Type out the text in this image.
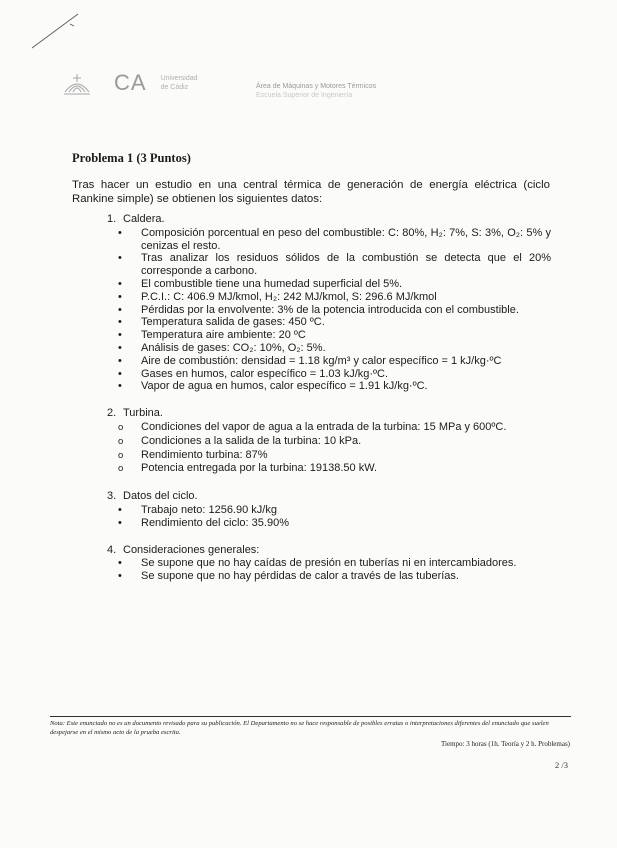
CA Universidad
de Cádiz	Área de Máquinas y Motores Térmicos
Escuela Superior de Ingeniería
Problema 1 (3 Puntos)
Tras hacer un estudio en una central térmica de generación de energía eléctrica (ciclo Rankine simple) se obtienen los siguientes datos:
1. Caldera.
•
Composición porcentual en peso del combustible: C: 80%, H₂: 7%, S: 3%, O₂: 5% y cenizas el resto.
•
Tras analizar los residuos sólidos de la combustión se detecta que el 20% corresponde a carbono.
•
El combustible tiene una humedad superficial del 5%.
•
P.C.I.: C: 406.9 MJ/kmol, H₂: 242 MJ/kmol, S: 296.6 MJ/kmol
•
Pérdidas por la envolvente: 3% de la potencia introducida con el combustible.
•
Temperatura salida de gases: 450 ºC.
•
Temperatura aire ambiente: 20 ºC
•
Análisis de gases: CO₂: 10%, O₂: 5%.
•
Aire de combustión: densidad = 1.18 kg/m³ y calor específico = 1 kJ/kg·ºC
•
Gases en humos, calor específico = 1.03 kJ/kg·ºC.
•
Vapor de agua en humos, calor específico = 1.91 kJ/kg·ºC.
2. Turbina.
o
Condiciones del vapor de agua a la entrada de la turbina: 15 MPa y 600ºC.
o
Condiciones a la salida de la turbina: 10 kPa.
o
Rendimiento turbina: 87%
o
Potencia entregada por la turbina: 19138.50 kW.
3. Datos del ciclo.
•
Trabajo neto: 1256.90 kJ/kg
•
Rendimiento del ciclo: 35.90%
4. Consideraciones generales:
•
Se supone que no hay caídas de presión en tuberías ni en intercambiadores.
•
Se supone que no hay pérdidas de calor a través de las tuberías.
Nota: Este enunciado no es un documento revisado para su publicación. El Departamento no se hace responsable de posibles erratas o interpretaciones diferentes del enunciado que suelen despejarse en el mismo acto de la prueba escrita.
Tiempo: 3 horas (1h. Teoría y 2 h. Problemas)
2 /3
